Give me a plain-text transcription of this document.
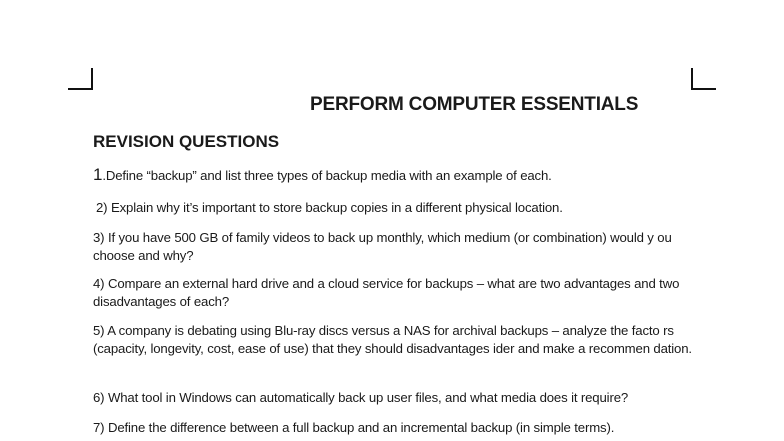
PERFORM COMPUTER ESSENTIALS
REVISION QUESTIONS
1.Define “backup” and list three types of backup media with an example of each.
2) Explain why it’s important to store backup copies in a different physical location.
3) If you have 500 GB of family videos to back up monthly, which medium (or combination) would y ou choose and why?
4) Compare an external hard drive and a cloud service for backups – what are two advantages and two disadvantages of each?
5) A company is debating using Blu-ray discs versus a NAS for archival backups – analyze the facto rs (capacity, longevity, cost, ease of use) that they should disadvantages ider and make a recommen dation.
6) What tool in Windows can automatically back up user files, and what media does it require?
7) Define the difference between a full backup and an incremental backup (in simple terms).
